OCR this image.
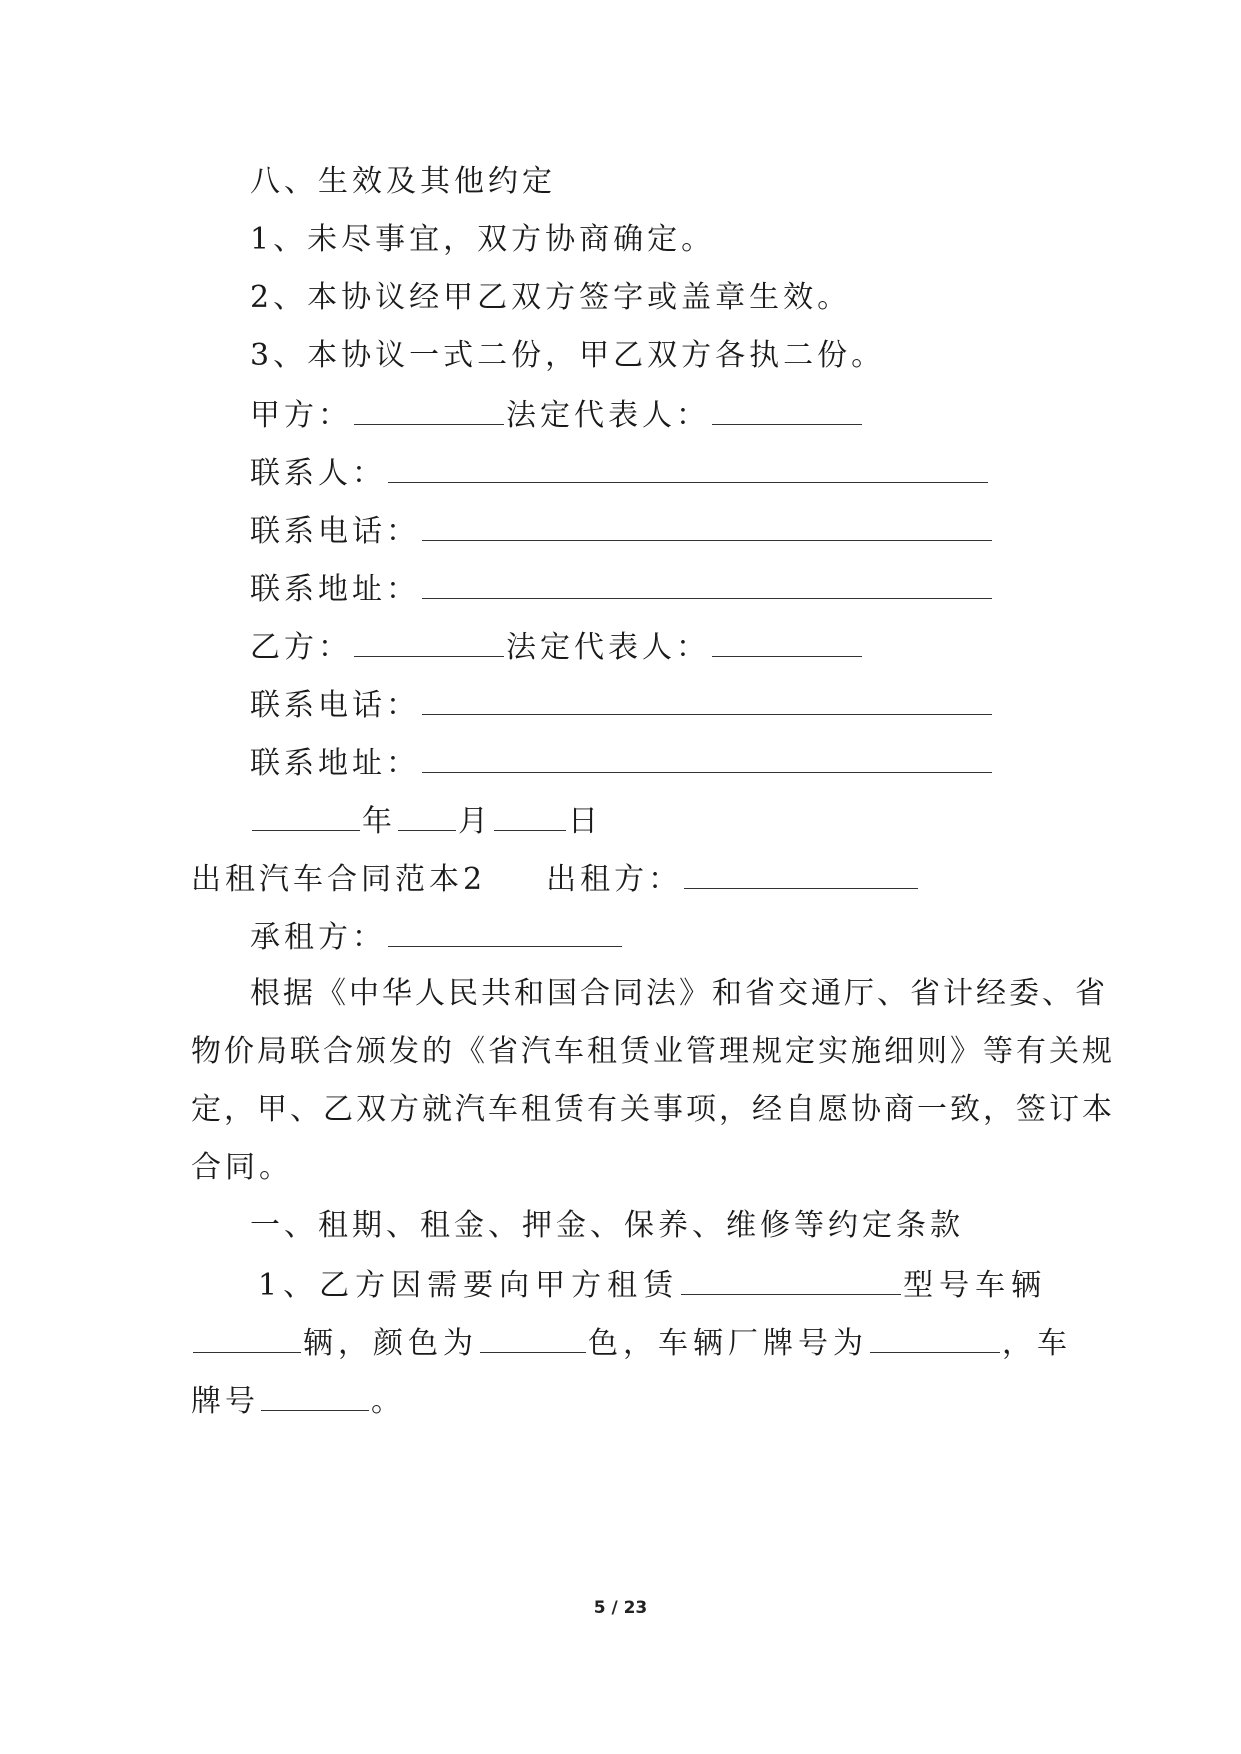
八、生效及其他约定
1、未尽事宜，双方协商确定。
2、本协议经甲乙双方签字或盖章生效。
3、本协议一式二份，甲乙双方各执二份。
甲方：	法定代表人：
联系人：
联系电话：
联系地址：
乙方：	法定代表人：
联系电话：
联系地址：
年 月	日
出租汽车合同范本2 出租方：
承租方：
根据《中华人民共和国合同法》和省交通厅、省计经委、省
物价局联合颁发的《省汽车租赁业管理规定实施细则》等有关规
定，甲、乙双方就汽车租赁有关事项，经自愿协商一致，签订本
合同。
一、租期、租金、押金、保养、维修等约定条款
1、乙方因需要向甲方租赁	型号车辆
辆，颜色为	色，车辆厂牌号为	，车
牌号	。
5 / 23
